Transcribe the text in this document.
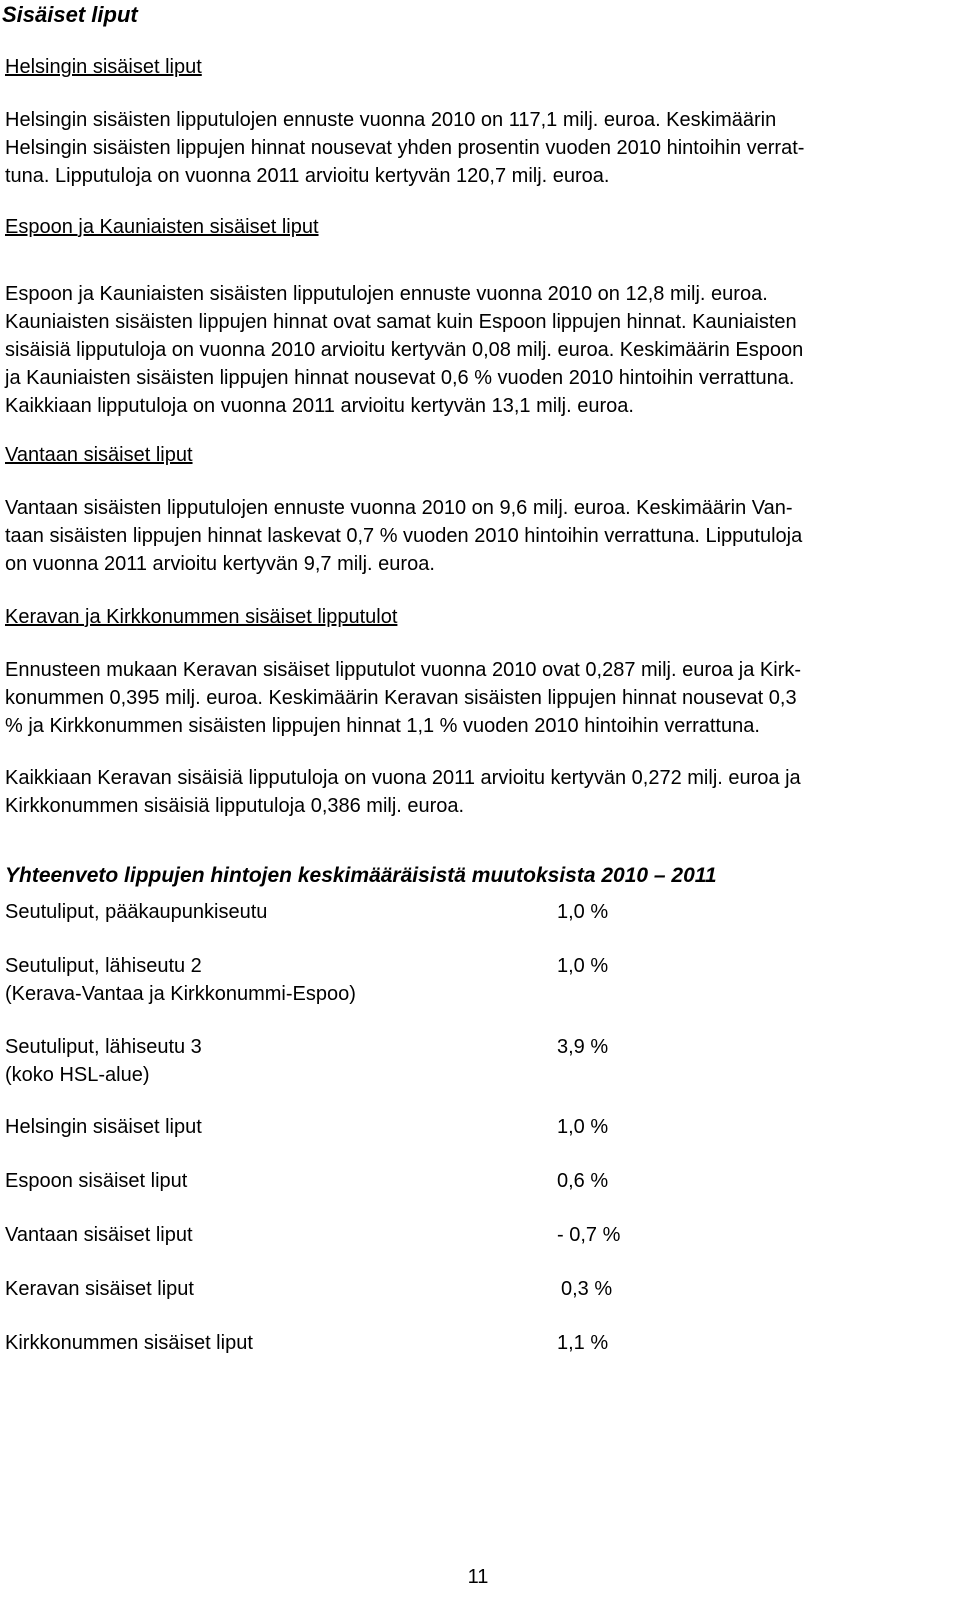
Sisäiset liput
Helsingin sisäiset liput

Helsingin sisäisten lipputulojen ennuste vuonna 2010 on 117,1 milj. euroa. Keskimäärin
Helsingin sisäisten lippujen hinnat nousevat yhden prosentin vuoden 2010 hintoihin verrat-
tuna. Lipputuloja on vuonna 2011 arvioitu kertyvän 120,7 milj. euroa.

Espoon ja Kauniaisten sisäiset liput

Espoon ja Kauniaisten sisäisten lipputulojen ennuste vuonna 2010 on 12,8 milj. euroa.
Kauniaisten sisäisten lippujen hinnat ovat samat kuin Espoon lippujen hinnat. Kauniaisten
sisäisiä lipputuloja on vuonna 2010 arvioitu kertyvän 0,08 milj. euroa. Keskimäärin Espoon
ja Kauniaisten sisäisten lippujen hinnat nousevat 0,6 % vuoden 2010 hintoihin verrattuna.
Kaikkiaan lipputuloja on vuonna 2011 arvioitu kertyvän 13,1 milj. euroa.

Vantaan sisäiset liput

Vantaan sisäisten lipputulojen ennuste vuonna 2010 on 9,6 milj. euroa. Keskimäärin Van-
taan sisäisten lippujen hinnat laskevat 0,7 % vuoden 2010 hintoihin verrattuna. Lipputuloja
on vuonna 2011 arvioitu kertyvän 9,7 milj. euroa.

Keravan ja Kirkkonummen sisäiset lipputulot

Ennusteen mukaan Keravan sisäiset lipputulot vuonna 2010 ovat 0,287 milj. euroa ja Kirk-
konummen 0,395 milj. euroa. Keskimäärin Keravan sisäisten lippujen hinnat nousevat 0,3
% ja Kirkkonummen sisäisten lippujen hinnat 1,1 % vuoden 2010 hintoihin verrattuna.

Kaikkiaan Keravan sisäisiä lipputuloja on vuona 2011 arvioitu kertyvän 0,272 milj. euroa ja
Kirkkonummen sisäisiä lipputuloja 0,386 milj. euroa.

Yhteenveto lippujen hintojen keskimääräisistä muutoksista 2010 – 2011
Seutuliput, pääkaupunkiseutu	1,0 %
Seutuliput, lähiseutu 2
(Kerava-Vantaa ja Kirkkonummi-Espoo)
1,0 %
Seutuliput, lähiseutu 3
(koko HSL-alue)
3,9 %
Helsingin sisäiset liput	1,0 %
Espoon sisäiset liput	0,6 %
Vantaan sisäiset liput	- 0,7 %
Keravan sisäiset liput	0,3 %
Kirkkonummen sisäiset liput	1,1 %
11
